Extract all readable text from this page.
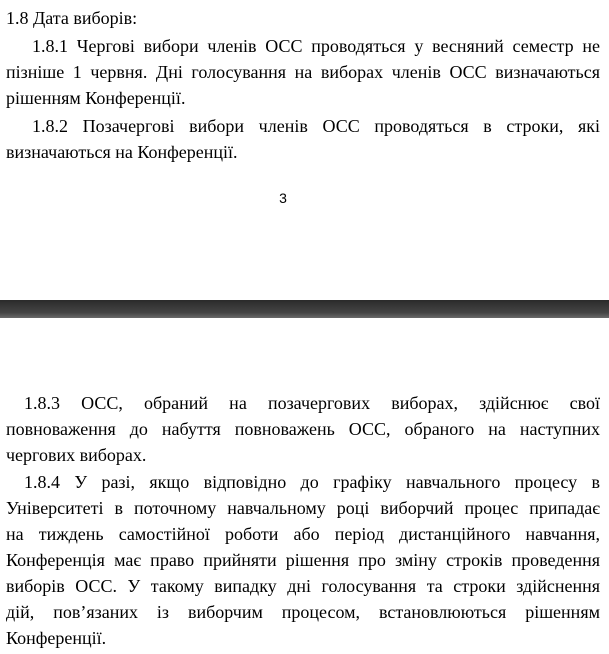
1.8 Дата виборів:
1.8.1 Чергові вибори членів ОСС проводяться у весняний семестр не
пізніше 1 червня. Дні голосування на виборах членів ОСС визначаються
рішенням Конференції.
1.8.2 Позачергові вибори членів ОСС проводяться в строки, які
визначаються на Конференції.
3
1.8.3 ОСС, обраний на позачергових виборах, здійснює свої
повноваження до набуття повноважень ОСС, обраного на наступних
чергових виборах.
1.8.4 У разі, якщо відповідно до графіку навчального процесу в
Університеті в поточному навчальному році виборчий процес припадає
на тиждень самостійної роботи або період дистанційного навчання,
Конференція має право прийняти рішення про зміну строків проведення
виборів ОСС. У такому випадку дні голосування та строки здійснення
дій, пов’язаних із виборчим процесом, встановлюються рішенням
Конференції.
